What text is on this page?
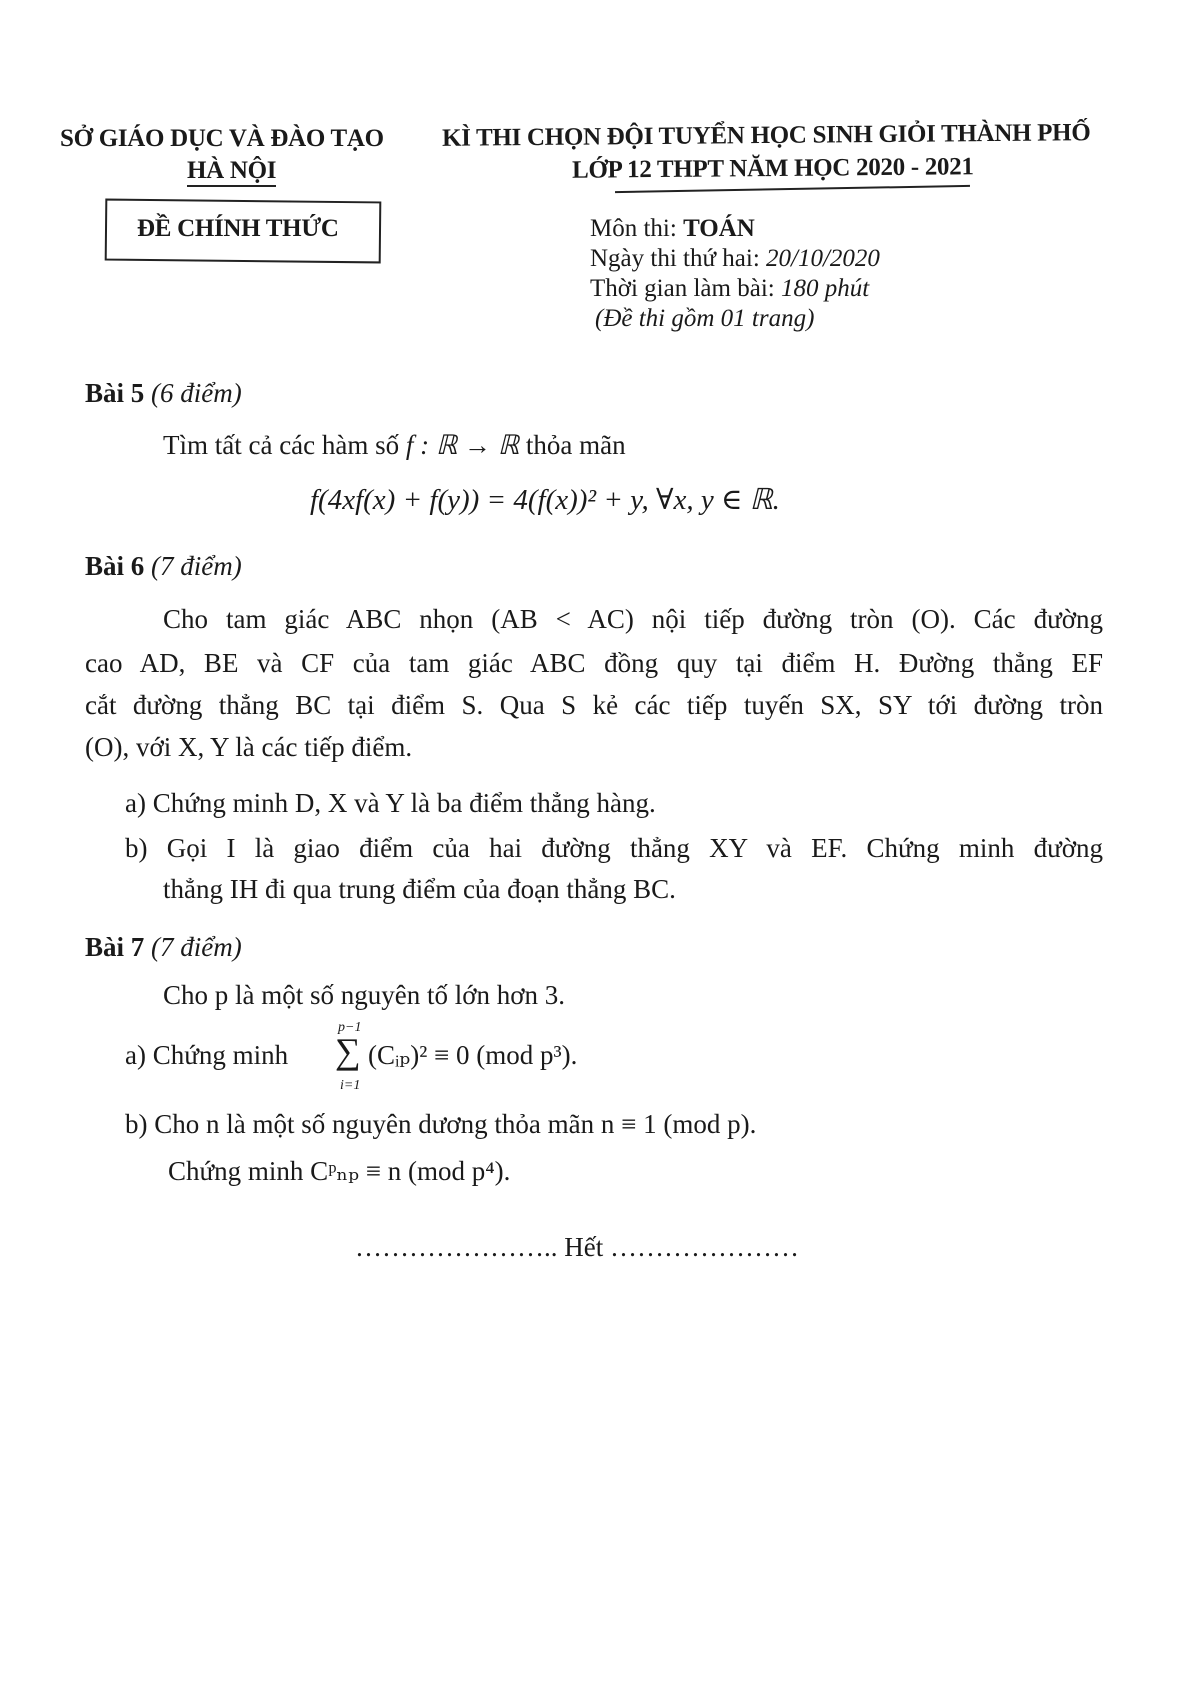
SỞ GIÁO DỤC VÀ ĐÀO TẠO
HÀ NỘI
ĐỀ CHÍNH THỨC
KÌ THI CHỌN ĐỘI TUYỂN HỌC SINH GIỎI THÀNH PHỐ
LỚP 12 THPT NĂM HỌC 2020 - 2021
Môn thi: TOÁN
Ngày thi thứ hai: 20/10/2020
Thời gian làm bài: 180 phút
(Đề thi gồm 01 trang)
Bài 5 (6 điểm)
Tìm tất cả các hàm số f : ℝ → ℝ thỏa mãn
f(4xf(x) + f(y)) = 4(f(x))² + y, ∀x, y ∈ ℝ.
Bài 6 (7 điểm)
Cho tam giác ABC nhọn (AB < AC) nội tiếp đường tròn (O). Các đường
cao AD, BE và CF của tam giác ABC đồng quy tại điểm H. Đường thẳng EF
cắt đường thẳng BC tại điểm S. Qua S kẻ các tiếp tuyến SX, SY tới đường tròn
(O), với X, Y là các tiếp điểm.
a) Chứng minh D, X và Y là ba điểm thẳng hàng.
b) Gọi I là giao điểm của hai đường thẳng XY và EF. Chứng minh đường
thẳng IH đi qua trung điểm của đoạn thẳng BC.
Bài 7 (7 điểm)
Cho p là một số nguyên tố lớn hơn 3.
a) Chứng minh
p−1
∑
i=1
(Cᵢₚ)² ≡ 0 (mod p³).
b) Cho n là một số nguyên dương thỏa mãn n ≡ 1 (mod p).
Chứng minh Cᵖₙₚ ≡ n (mod p⁴).
………………….. Hết …………………
